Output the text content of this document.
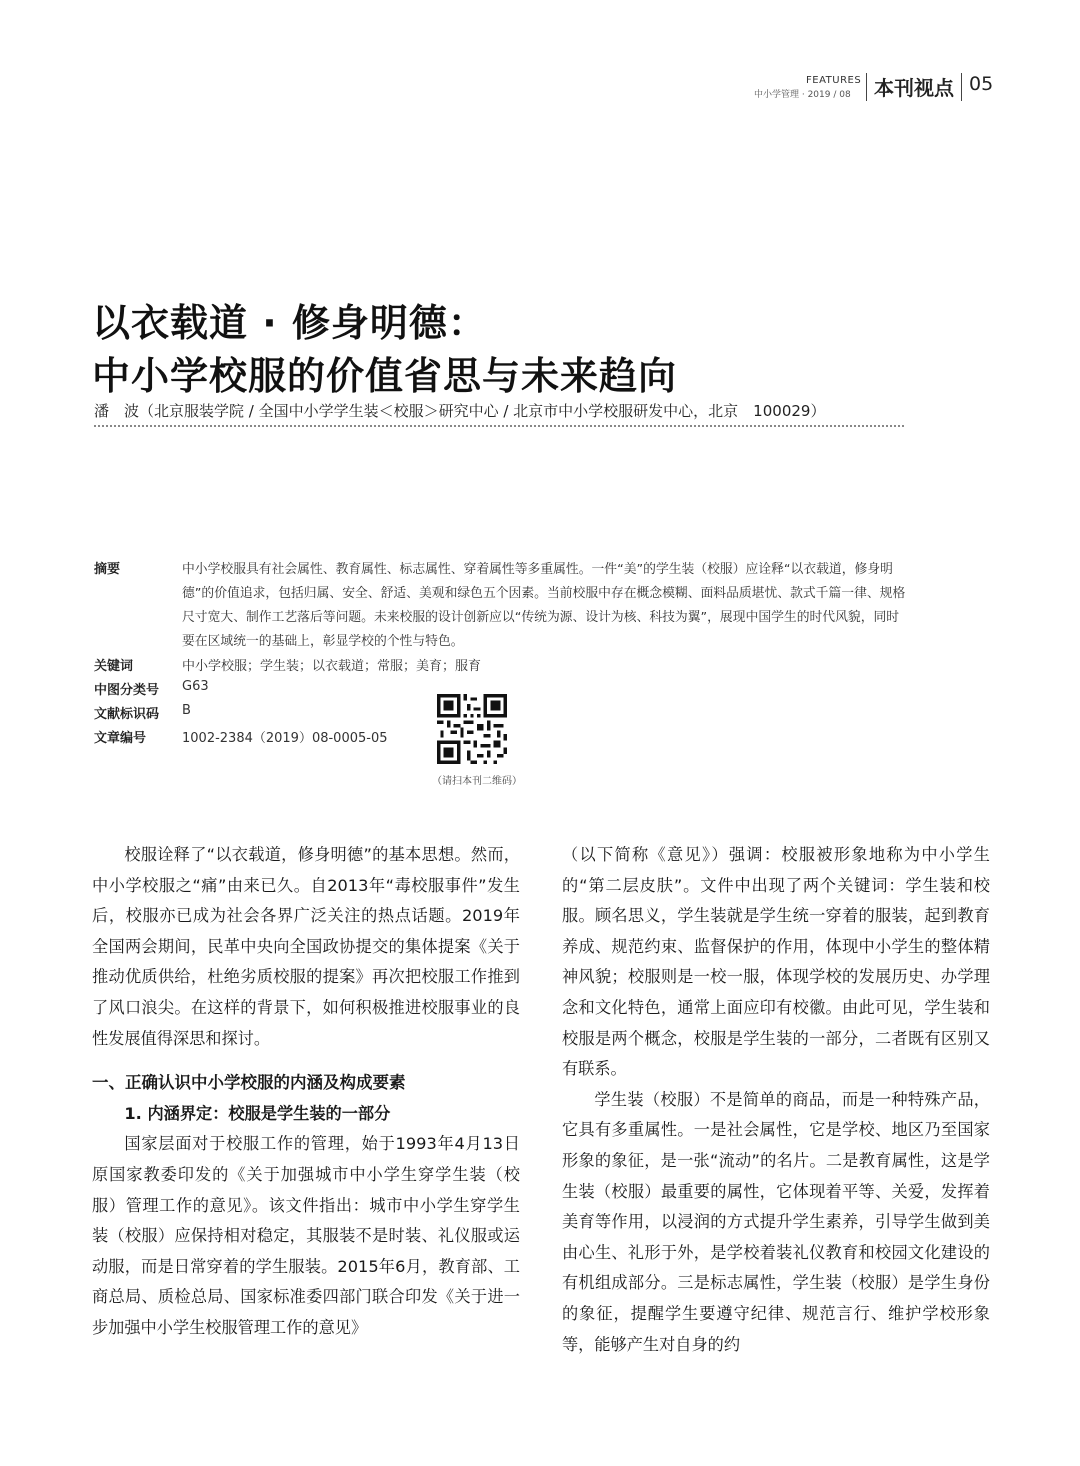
FEATURES
中小学管理 · 2019 / 08 本刊视点 05
以衣载道 · 修身明德：
中小学校服的价值省思与未来趋向
潘　波（北京服装学院 / 全国中小学学生装＜校服＞研究中心 / 北京市中小学校服研发中心，北京　100029）
摘要	中小学校服具有社会属性、教育属性、标志属性、穿着属性等多重属性。一件“美”的学生装（校服）应诠释“以衣载道，修身明德”的价值追求，包括归属、安全、舒适、美观和绿色五个因素。当前校服中存在概念模糊、面料品质堪忧、款式千篇一律、规格尺寸宽大、制作工艺落后等问题。未来校服的设计创新应以“传统为源、设计为核、科技为翼”，展现中国学生的时代风貌，同时要在区域统一的基础上，彰显学校的个性与特色。
关键词	中小学校服；学生装；以衣载道；常服；美育；服育
中图分类号 G63
文献标识码 B
文章编号	1002-2384（2019）08-0005-05
（请扫本刊二维码）

校服诠释了“以衣载道，修身明德”的基本思想。然而，中小学校服之“痛”由来已久。自2013年“毒校服事件”发生后，校服亦已成为社会各界广泛关注的热点话题。2019年全国两会期间，民革中央向全国政协提交的集体提案《关于推动优质供给，杜绝劣质校服的提案》再次把校服工作推到了风口浪尖。在这样的背景下，如何积极推进校服事业的良性发展值得深思和探讨。

一、正确认识中小学校服的内涵及构成要素

1. 内涵界定：校服是学生装的一部分

国家层面对于校服工作的管理，始于1993年4月13日原国家教委印发的《关于加强城市中小学生穿学生装（校服）管理工作的意见》。该文件指出：城市中小学生穿学生装（校服）应保持相对稳定，其服装不是时装、礼仪服或运动服，而是日常穿着的学生服装。2015年6月，教育部、工商总局、质检总局、国家标准委四部门联合印发《关于进一步加强中小学生校服管理工作的意见》

（以下简称《意见》）强调：校服被形象地称为中小学生的“第二层皮肤”。文件中出现了两个关键词：学生装和校服。顾名思义，学生装就是学生统一穿着的服装，起到教育养成、规范约束、监督保护的作用，体现中小学生的整体精神风貌；校服则是一校一服，体现学校的发展历史、办学理念和文化特色，通常上面应印有校徽。由此可见，学生装和校服是两个概念，校服是学生装的一部分，二者既有区别又有联系。

学生装（校服）不是简单的商品，而是一种特殊产品，它具有多重属性。一是社会属性，它是学校、地区乃至国家形象的象征，是一张“流动”的名片。二是教育属性，这是学生装（校服）最重要的属性，它体现着平等、关爱，发挥着美育等作用，以浸润的方式提升学生素养，引导学生做到美由心生、礼形于外，是学校着装礼仪教育和校园文化建设的有机组成部分。三是标志属性，学生装（校服）是学生身份的象征，提醒学生要遵守纪律、规范言行、维护学校形象等，能够产生对自身的约
